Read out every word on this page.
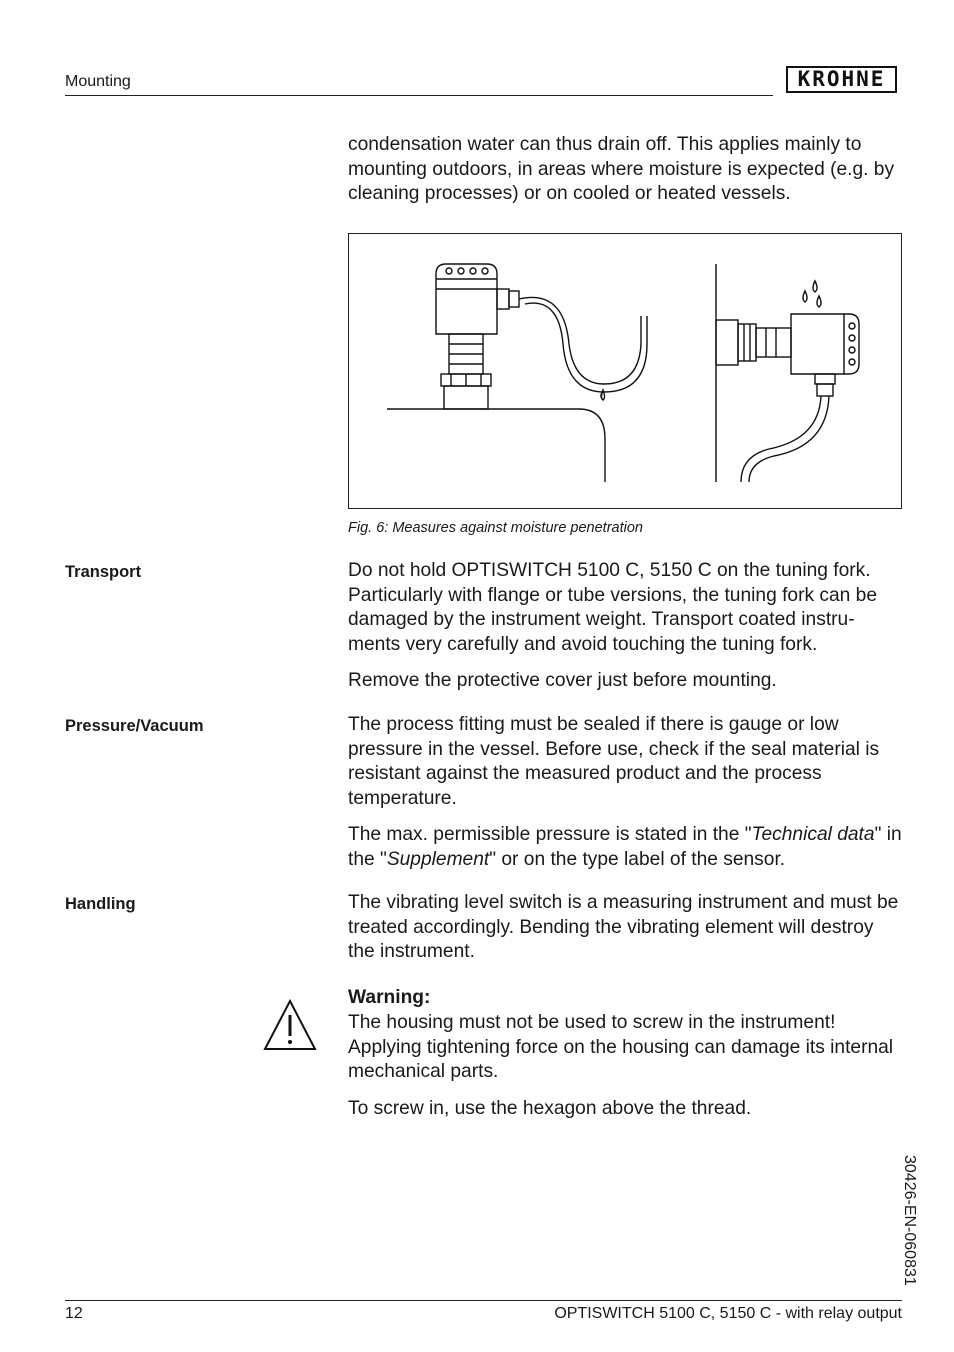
Mounting	KROHNE

condensation water can thus drain off. This applies mainly to mounting outdoors, in areas where moisture is expected (e.g. by cleaning processes) or on cooled or heated vessels.

Fig. 6: Measures against moisture penetration
Transport	Do not hold OPTISWITCH 5100 C, 5150 C on the tuning fork. Particularly with flange or tube versions, the tuning fork can be damaged by the instrument weight. Transport coated instru-ments very carefully and avoid touching the tuning fork.

Remove the protective cover just before mounting.

Pressure/Vacuum	The process fitting must be sealed if there is gauge or low pressure in the vessel. Before use, check if the seal material is resistant against the measured product and the process temperature.

The max. permissible pressure is stated in the "Technical data" in the "Supplement" or on the type label of the sensor.

Handling	The vibrating level switch is a measuring instrument and must be treated accordingly. Bending the vibrating element will destroy the instrument.

Warning:

The housing must not be used to screw in the instrument! Applying tightening force on the housing can damage its internal mechanical parts.

To screw in, use the hexagon above the thread.

30426-EN-060831
12	OPTISWITCH 5100 C, 5150 C - with relay output
